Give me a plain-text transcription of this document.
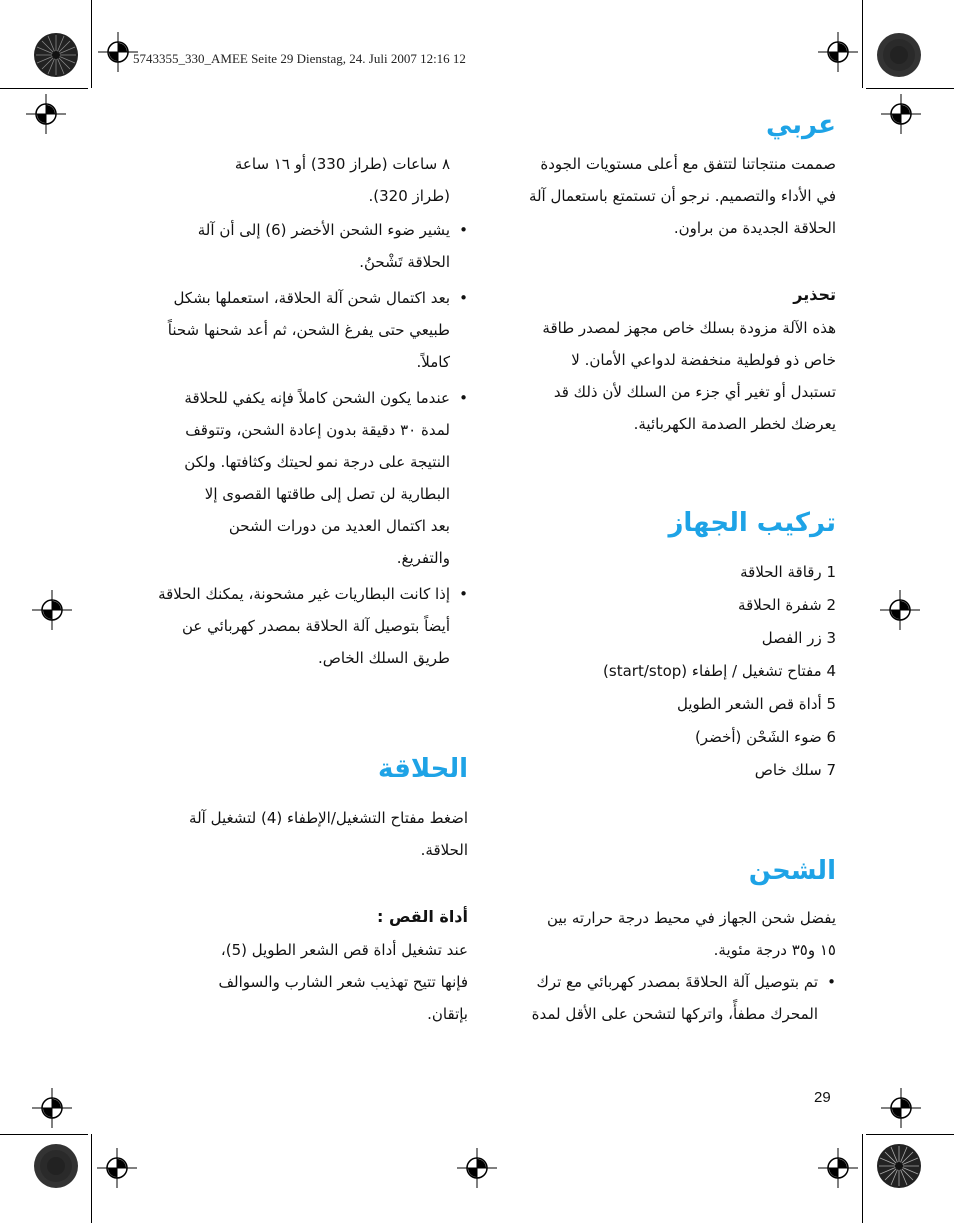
5743355_330_AMEE Seite 29 Dienstag, 24. Juli 2007 12:16 12
عربي
صممت منتجاتنا لتتفق مع أعلى مستويات الجودة
في الأداء والتصميم. نرجو أن تستمتع باستعمال آلة
الحلاقة الجديدة من براون.
تحذير
هذه الآلة مزودة بسلك خاص مجهز لمصدر طاقة
خاص ذو فولطية منخفضة لدواعي الأمان. لا
تستبدل أو تغير أي جزء من السلك لأن ذلك قد
يعرضك لخطر الصدمة الكهربائية.
تركيب الجهاز
1 رقاقة الحلاقة
2 شفرة الحلاقة
3 زر الفصل
4 مفتاح تشغيل / إطفاء (start/stop)
5 أداة قص الشعر الطويل
6 ضوء الشَحْن (أخضر)
7 سلك خاص
الشحن
يفضل شحن الجهاز في محيط درجة حرارته بين
١٥ و٣٥ درجة مئوية.
• تم بتوصيل آلة الحلاقةَ بمصدر كهربائي مع ترك
المحرك مطفأً، واتركها لتشحن على الأقل لمدة
٨ ساعات (طراز 330) أو ١٦ ساعة
(طراز 320).
• يشير ضوء الشحن الأخضر (6) إلى أن آلة
الحلاقة تَشْحنُ.
• بعد اكتمال شحن آلة الحلاقة، استعملها بشكل
طبيعي حتى يفرغ الشحن، ثم أعد شحنها شحناً
كاملاً.
• عندما يكون الشحن كاملاً فإنه يكفي للحلاقة
لمدة ٣٠ دقيقة بدون إعادة الشحن، وتتوقف
النتيجة على درجة نمو لحيتك وكثافتها. ولكن
البطارية لن تصل إلى طاقتها القصوى إلا
بعد اكتمال العديد من دورات الشحن
والتفريغ.
• إذا كانت البطاريات غير مشحونة، يمكنك الحلاقة
أيضاً بتوصيل آلة الحلاقة بمصدر كهربائي عن
طريق السلك الخاص.
الحلاقة
اضغط مفتاح التشغيل/الإطفاء (4) لتشغيل آلة
الحلاقة.
أداة القص :
عند تشغيل أداة قص الشعر الطويل (5)،
فإنها تتيح تهذيب شعر الشارب والسوالف
بإتقان.
29
